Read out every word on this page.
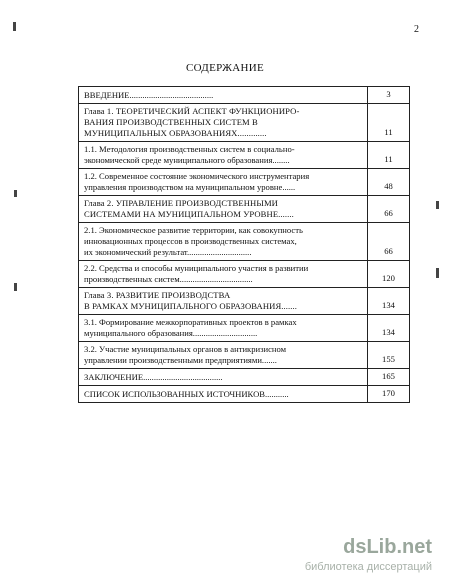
2
СОДЕРЖАНИЕ
ВВЕДЕНИЕ.......................................	3

Глава 1. ТЕОРЕТИЧЕСКИЙ АСПЕКТ ФУНКЦИОНИРО-
ВАНИЯ ПРОИЗВОДСТВЕННЫХ СИСТЕМ В
МУНИЦИПАЛЬНЫХ ОБРАЗОВАНИЯХ.............	11

1.1. Методология производственных систем в социально-
экономической среде муниципального образования........	11

1.2. Современное состояние экономического инструментария
управления производством на муниципальном уровне......	48

Глава 2. УПРАВЛЕНИЕ ПРОИЗВОДСТВЕННЫМИ
СИСТЕМАМИ НА МУНИЦИПАЛЬНОМ УРОВНЕ.......	66

2.1. Экономическое развитие территории, как совокупность
инновационных процессов в производственных системах,
их экономический результат..............................	66

2.2. Средства и способы муниципального участия в развитии
производственных систем..................................	120

Глава 3. РАЗВИТИЕ ПРОИЗВОДСТВА
В РАМКАХ МУНИЦИПАЛЬНОГО ОБРАЗОВАНИЯ.......	134

3.1. Формирование межкорпоративных проектов в рамках
муниципального образования..............................	134

3.2. Участие муниципальных органов в антикризисном
управлении производственными предприятиями.......	155

ЗАКЛЮЧЕНИЕ.....................................	165

СПИСОК ИСПОЛЬЗОВАННЫХ ИСТОЧНИКОВ...........	170
dsLib.net
библиотека диссертаций
